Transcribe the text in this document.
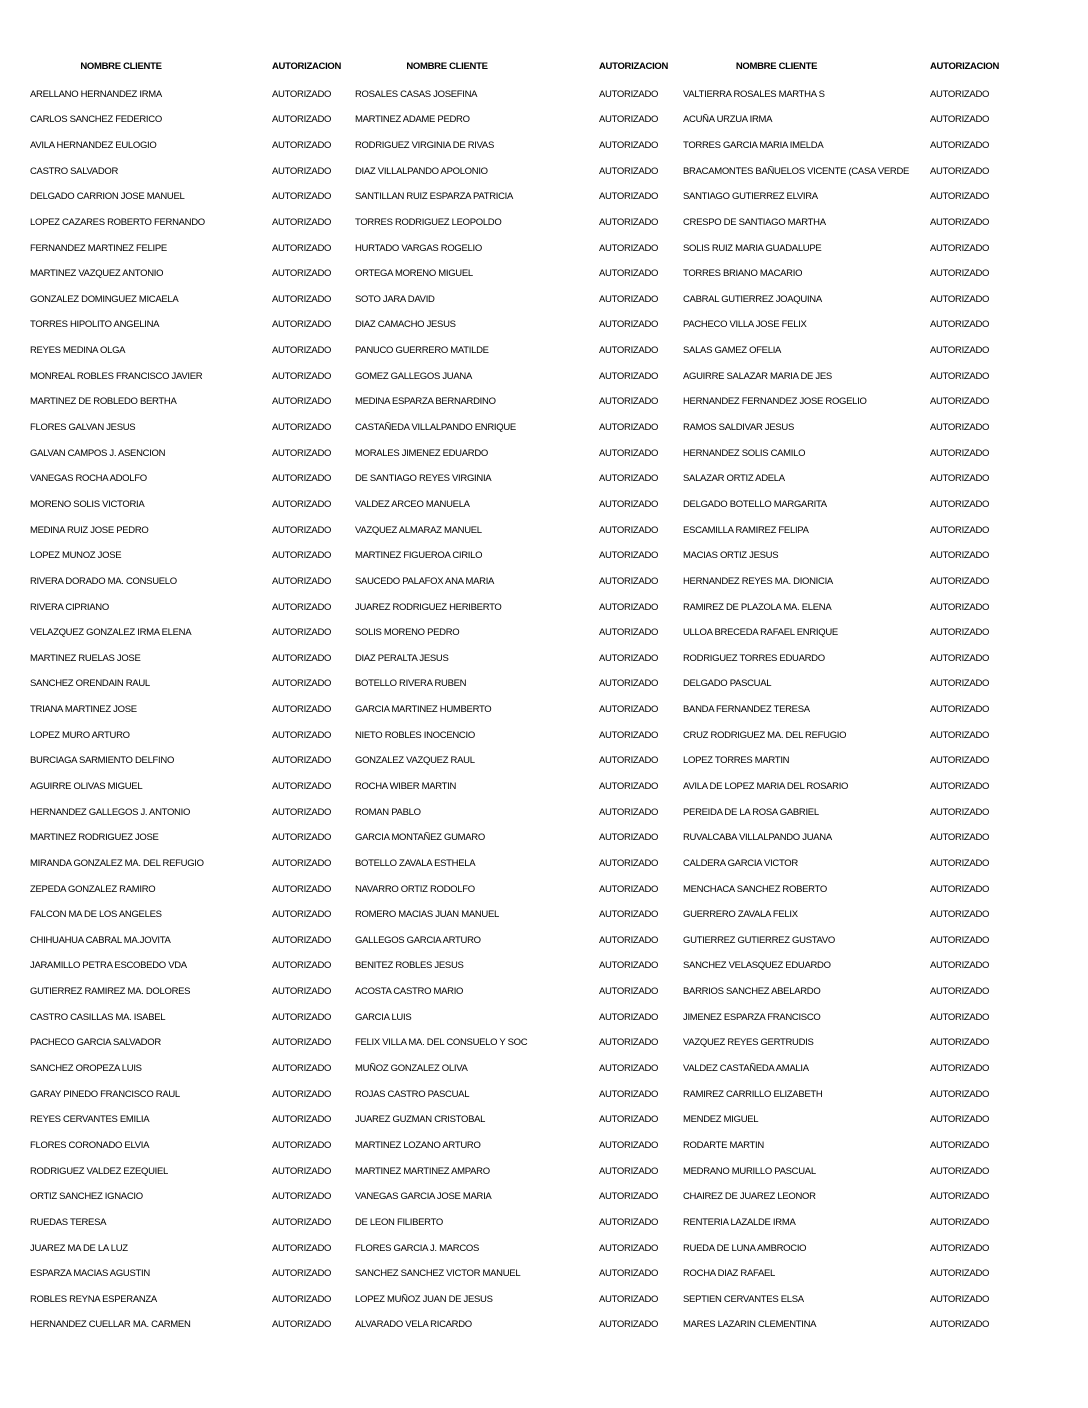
NOMBRE CLIENTE	AUTORIZACION	NOMBRE CLIENTE	AUTORIZACION	NOMBRE CLIENTE	AUTORIZACION
ARELLANO HERNANDEZ IRMA	AUTORIZADO	ROSALES CASAS JOSEFINA	AUTORIZADO	VALTIERRA ROSALES MARTHA S	AUTORIZADO
CARLOS SANCHEZ FEDERICO	AUTORIZADO	MARTINEZ ADAME PEDRO	AUTORIZADO	ACUÑA URZUA IRMA	AUTORIZADO
AVILA HERNANDEZ EULOGIO	AUTORIZADO	RODRIGUEZ VIRGINIA DE RIVAS	AUTORIZADO	TORRES GARCIA MARIA IMELDA	AUTORIZADO
CASTRO SALVADOR	AUTORIZADO	DIAZ VILLALPANDO APOLONIO	AUTORIZADO	BRACAMONTES BAÑUELOS VICENTE (CASA VERDE	AUTORIZADO
DELGADO CARRION JOSE MANUEL	AUTORIZADO	SANTILLAN RUIZ ESPARZA PATRICIA	AUTORIZADO	SANTIAGO GUTIERREZ ELVIRA	AUTORIZADO
LOPEZ CAZARES ROBERTO FERNANDO	AUTORIZADO	TORRES RODRIGUEZ LEOPOLDO	AUTORIZADO	CRESPO DE SANTIAGO MARTHA	AUTORIZADO
FERNANDEZ MARTINEZ FELIPE	AUTORIZADO	HURTADO VARGAS ROGELIO	AUTORIZADO	SOLIS RUIZ MARIA GUADALUPE	AUTORIZADO
MARTINEZ VAZQUEZ ANTONIO	AUTORIZADO	ORTEGA MORENO MIGUEL	AUTORIZADO	TORRES BRIANO MACARIO	AUTORIZADO
GONZALEZ DOMINGUEZ MICAELA	AUTORIZADO	SOTO JARA DAVID	AUTORIZADO	CABRAL GUTIERREZ JOAQUINA	AUTORIZADO
TORRES HIPOLITO ANGELINA	AUTORIZADO	DIAZ CAMACHO JESUS	AUTORIZADO	PACHECO VILLA JOSE FELIX	AUTORIZADO
REYES MEDINA OLGA	AUTORIZADO	PANUCO GUERRERO MATILDE	AUTORIZADO	SALAS GAMEZ OFELIA	AUTORIZADO
MONREAL ROBLES FRANCISCO JAVIER	AUTORIZADO	GOMEZ GALLEGOS JUANA	AUTORIZADO	AGUIRRE SALAZAR MARIA DE JES	AUTORIZADO
MARTINEZ DE ROBLEDO BERTHA	AUTORIZADO	MEDINA ESPARZA BERNARDINO	AUTORIZADO	HERNANDEZ FERNANDEZ JOSE ROGELIO	AUTORIZADO
FLORES GALVAN JESUS	AUTORIZADO	CASTAÑEDA VILLALPANDO ENRIQUE	AUTORIZADO	RAMOS SALDIVAR JESUS	AUTORIZADO
GALVAN CAMPOS J. ASENCION	AUTORIZADO	MORALES JIMENEZ EDUARDO	AUTORIZADO	HERNANDEZ SOLIS CAMILO	AUTORIZADO
VANEGAS ROCHA ADOLFO	AUTORIZADO	DE SANTIAGO REYES VIRGINIA	AUTORIZADO	SALAZAR ORTIZ ADELA	AUTORIZADO
MORENO SOLIS VICTORIA	AUTORIZADO	VALDEZ ARCEO MANUELA	AUTORIZADO	DELGADO BOTELLO MARGARITA	AUTORIZADO
MEDINA RUIZ JOSE PEDRO	AUTORIZADO	VAZQUEZ ALMARAZ MANUEL	AUTORIZADO	ESCAMILLA RAMIREZ FELIPA	AUTORIZADO
LOPEZ MUNOZ JOSE	AUTORIZADO	MARTINEZ FIGUEROA CIRILO	AUTORIZADO	MACIAS ORTIZ JESUS	AUTORIZADO
RIVERA DORADO MA. CONSUELO	AUTORIZADO	SAUCEDO PALAFOX ANA MARIA	AUTORIZADO	HERNANDEZ REYES MA. DIONICIA	AUTORIZADO
RIVERA CIPRIANO	AUTORIZADO	JUAREZ RODRIGUEZ HERIBERTO	AUTORIZADO	RAMIREZ DE PLAZOLA MA. ELENA	AUTORIZADO
VELAZQUEZ GONZALEZ IRMA ELENA	AUTORIZADO	SOLIS MORENO PEDRO	AUTORIZADO	ULLOA BRECEDA RAFAEL ENRIQUE	AUTORIZADO
MARTINEZ RUELAS JOSE	AUTORIZADO	DIAZ PERALTA JESUS	AUTORIZADO	RODRIGUEZ TORRES EDUARDO	AUTORIZADO
SANCHEZ ORENDAIN RAUL	AUTORIZADO	BOTELLO RIVERA RUBEN	AUTORIZADO	DELGADO PASCUAL	AUTORIZADO
TRIANA MARTINEZ JOSE	AUTORIZADO	GARCIA MARTINEZ HUMBERTO	AUTORIZADO	BANDA FERNANDEZ TERESA	AUTORIZADO
LOPEZ MURO ARTURO	AUTORIZADO	NIETO ROBLES INOCENCIO	AUTORIZADO	CRUZ RODRIGUEZ MA. DEL REFUGIO	AUTORIZADO
BURCIAGA SARMIENTO DELFINO	AUTORIZADO	GONZALEZ VAZQUEZ RAUL	AUTORIZADO	LOPEZ TORRES MARTIN	AUTORIZADO
AGUIRRE OLIVAS MIGUEL	AUTORIZADO	ROCHA WIBER MARTIN	AUTORIZADO	AVILA DE LOPEZ MARIA DEL ROSARIO	AUTORIZADO
HERNANDEZ GALLEGOS J. ANTONIO	AUTORIZADO	ROMAN PABLO	AUTORIZADO	PEREIDA DE LA ROSA GABRIEL	AUTORIZADO
MARTINEZ RODRIGUEZ JOSE	AUTORIZADO	GARCIA MONTAÑEZ GUMARO	AUTORIZADO	RUVALCABA VILLALPANDO JUANA	AUTORIZADO
MIRANDA GONZALEZ MA. DEL REFUGIO	AUTORIZADO	BOTELLO ZAVALA ESTHELA	AUTORIZADO	CALDERA GARCIA VICTOR	AUTORIZADO
ZEPEDA GONZALEZ RAMIRO	AUTORIZADO	NAVARRO ORTIZ RODOLFO	AUTORIZADO	MENCHACA SANCHEZ ROBERTO	AUTORIZADO
FALCON MA DE LOS ANGELES	AUTORIZADO	ROMERO MACIAS JUAN MANUEL	AUTORIZADO	GUERRERO ZAVALA FELIX	AUTORIZADO
CHIHUAHUA CABRAL MA.JOVITA	AUTORIZADO	GALLEGOS GARCIA ARTURO	AUTORIZADO	GUTIERREZ GUTIERREZ GUSTAVO	AUTORIZADO
JARAMILLO PETRA ESCOBEDO VDA	AUTORIZADO	BENITEZ ROBLES JESUS	AUTORIZADO	SANCHEZ VELASQUEZ EDUARDO	AUTORIZADO
GUTIERREZ RAMIREZ MA. DOLORES	AUTORIZADO	ACOSTA CASTRO MARIO	AUTORIZADO	BARRIOS SANCHEZ ABELARDO	AUTORIZADO
CASTRO CASILLAS MA. ISABEL	AUTORIZADO	GARCIA LUIS	AUTORIZADO	JIMENEZ ESPARZA FRANCISCO	AUTORIZADO
PACHECO GARCIA SALVADOR	AUTORIZADO	FELIX VILLA MA. DEL CONSUELO Y SOC	AUTORIZADO	VAZQUEZ REYES GERTRUDIS	AUTORIZADO
SANCHEZ OROPEZA LUIS	AUTORIZADO	MUÑOZ GONZALEZ OLIVA	AUTORIZADO	VALDEZ CASTAÑEDA AMALIA	AUTORIZADO
GARAY PINEDO FRANCISCO RAUL	AUTORIZADO	ROJAS CASTRO PASCUAL	AUTORIZADO	RAMIREZ CARRILLO ELIZABETH	AUTORIZADO
REYES CERVANTES EMILIA	AUTORIZADO	JUAREZ GUZMAN CRISTOBAL	AUTORIZADO	MENDEZ MIGUEL	AUTORIZADO
FLORES CORONADO ELVIA	AUTORIZADO	MARTINEZ LOZANO ARTURO	AUTORIZADO	RODARTE MARTIN	AUTORIZADO
RODRIGUEZ VALDEZ EZEQUIEL	AUTORIZADO	MARTINEZ MARTINEZ AMPARO	AUTORIZADO	MEDRANO MURILLO PASCUAL	AUTORIZADO
ORTIZ SANCHEZ IGNACIO	AUTORIZADO	VANEGAS GARCIA JOSE MARIA	AUTORIZADO	CHAIREZ DE JUAREZ LEONOR	AUTORIZADO
RUEDAS TERESA	AUTORIZADO	DE LEON FILIBERTO	AUTORIZADO	RENTERIA LAZALDE IRMA	AUTORIZADO
JUAREZ MA DE LA LUZ	AUTORIZADO	FLORES GARCIA J. MARCOS	AUTORIZADO	RUEDA DE LUNA AMBROCIO	AUTORIZADO
ESPARZA MACIAS AGUSTIN	AUTORIZADO	SANCHEZ SANCHEZ VICTOR MANUEL	AUTORIZADO	ROCHA DIAZ RAFAEL	AUTORIZADO
ROBLES REYNA ESPERANZA	AUTORIZADO	LOPEZ MUÑOZ JUAN DE JESUS	AUTORIZADO	SEPTIEN CERVANTES ELSA	AUTORIZADO
HERNANDEZ CUELLAR MA. CARMEN	AUTORIZADO	ALVARADO VELA RICARDO	AUTORIZADO	MARES LAZARIN CLEMENTINA	AUTORIZADO
